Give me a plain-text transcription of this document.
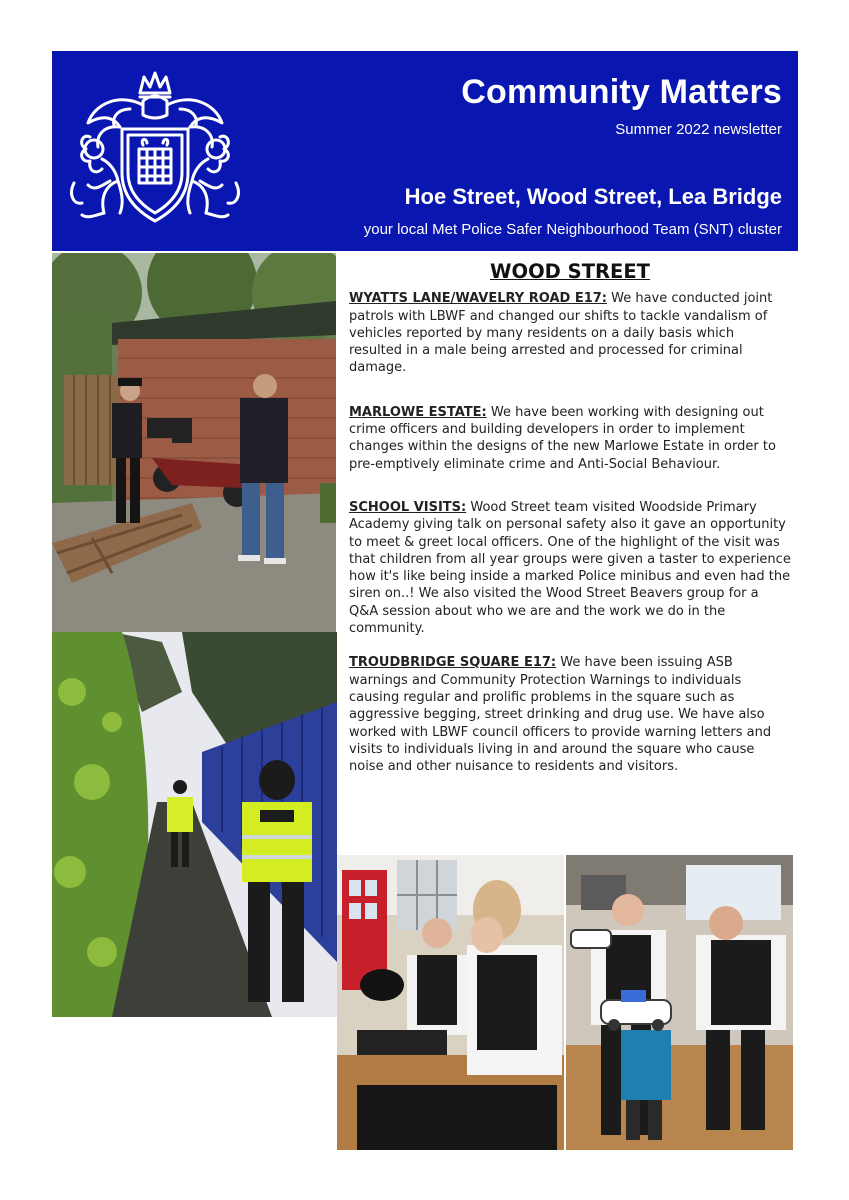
Community Matters
Summer 2022 newsletter
Hoe Street, Wood Street, Lea Bridge
your local Met Police Safer Neighbourhood Team (SNT) cluster
WOOD STREET

WYATTS LANE/WAVELRY ROAD E17: We have conducted joint patrols with LBWF and changed our shifts to tackle vandalism of vehicles reported by many residents on a daily basis which resulted in a male being arrested and processed for criminal damage.

MARLOWE ESTATE: We have been working with designing out crime officers and building developers in order to implement changes within the designs of the new Marlowe Estate in order to pre-emptively eliminate crime and Anti-Social Behaviour.

SCHOOL VISITS: Wood Street team visited Woodside Primary Academy giving talk on personal safety also it gave an opportunity to meet & greet local officers. One of the highlight of the visit was that children from all year groups were given a taster to experience how it's like being inside a marked Police minibus and even had the siren on..! We also visited the Wood Street Beavers group for a Q&A session about who we are and the work we do in the community.

TROUDBRIDGE SQUARE E17: We have been issuing ASB warnings and Community Protection Warnings to individuals causing regular and prolific problems in the square such as aggressive begging, street drinking and drug use. We have also worked with LBWF council officers to provide warning letters and visits to individuals living in and around the square who cause noise and other nuisance to residents and visitors.
